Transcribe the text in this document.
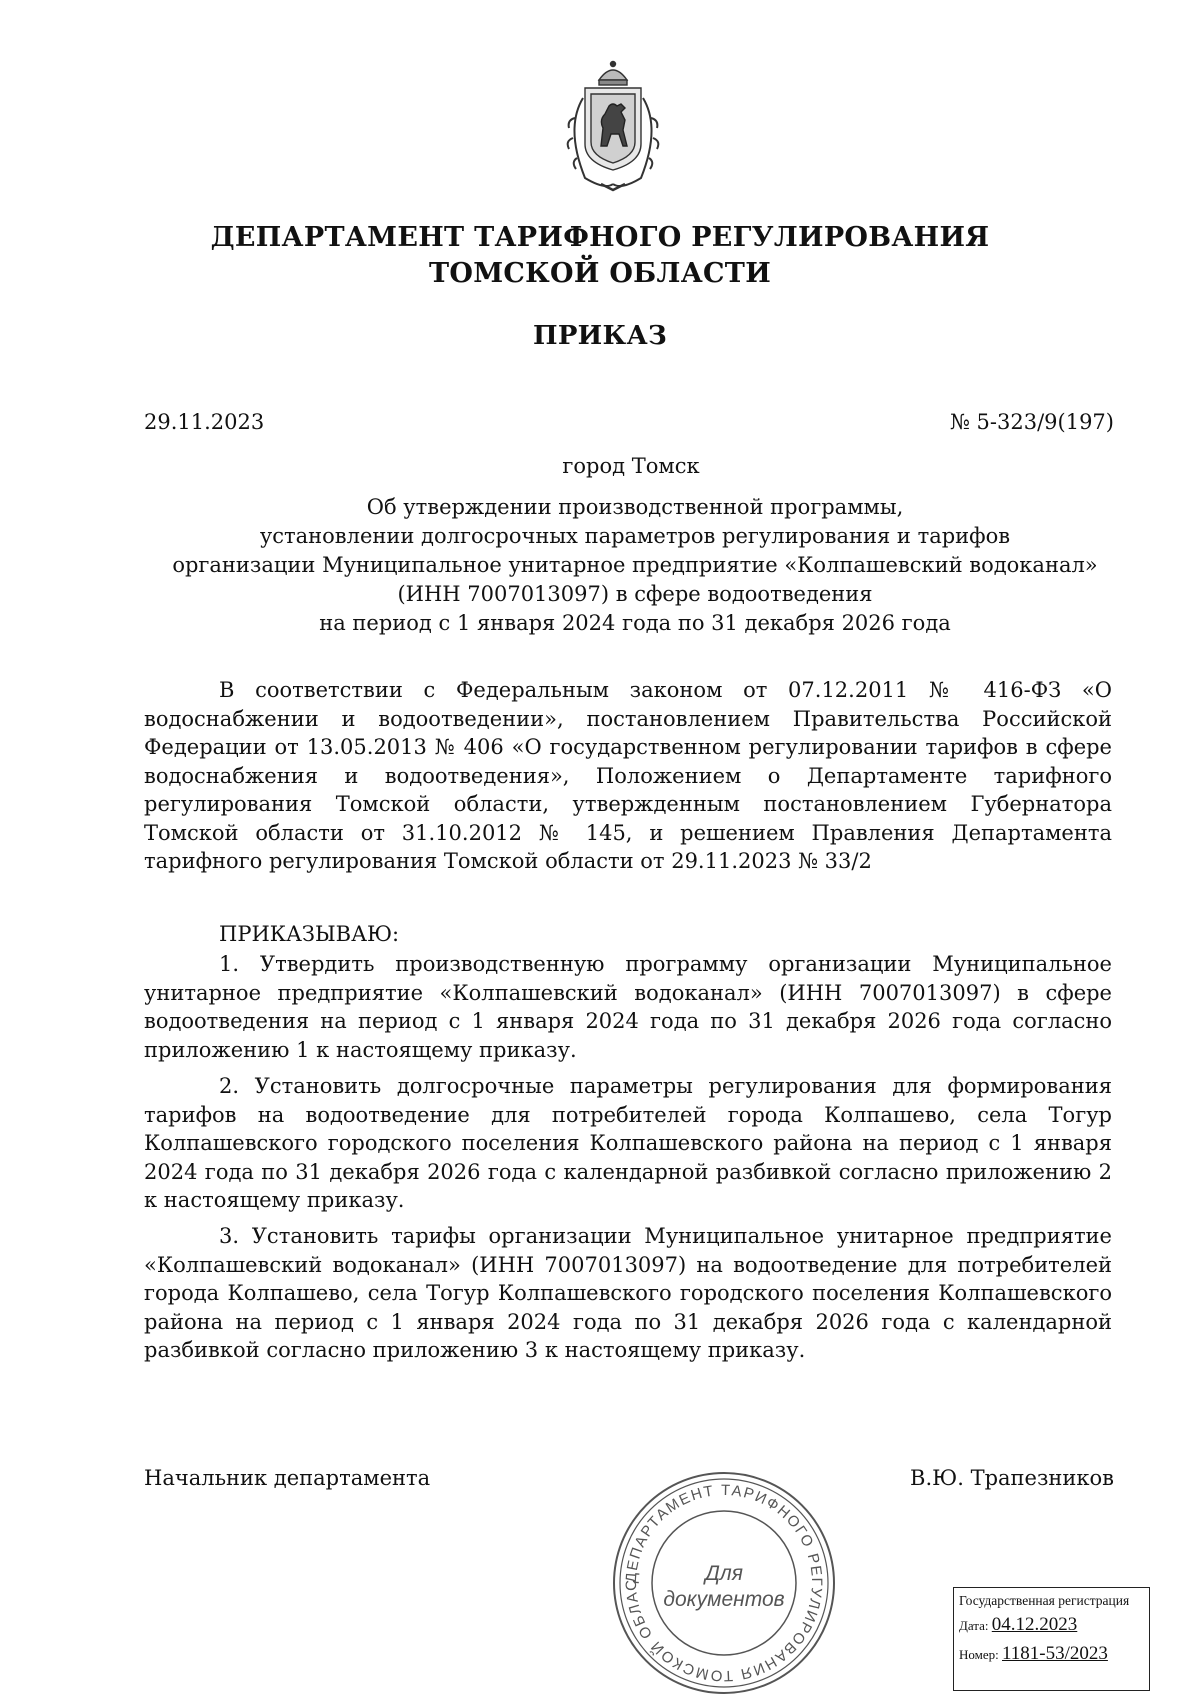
ДЕПАРТАМЕНТ ТАРИФНОГО РЕГУЛИРОВАНИЯ
ТОМСКОЙ ОБЛАСТИ
ПРИКАЗ
29.11.2023	№ 5-323/9(197)
город Томск
Об утверждении производственной программы,
установлении долгосрочных параметров регулирования и тарифов
организации Муниципальное унитарное предприятие «Колпашевский водоканал»
(ИНН 7007013097) в сфере водоотведения
на период с 1 января 2024 года по 31 декабря 2026 года
В соответствии с Федеральным законом от 07.12.2011 № 416-ФЗ «О водоснабжении и водоотведении», постановлением Правительства Российской Федерации от 13.05.2013 № 406 «О государственном регулировании тарифов в сфере водоснабжения и водоотведения», Положением о Департаменте тарифного регулирования Томской области, утвержденным постановлением Губернатора Томской области от 31.10.2012 № 145, и решением Правления Департамента тарифного регулирования Томской области от 29.11.2023 № 33/2
ПРИКАЗЫВАЮ:
1. Утвердить производственную программу организации Муниципальное унитарное предприятие «Колпашевский водоканал» (ИНН 7007013097) в сфере водоотведения на период с 1 января 2024 года по 31 декабря 2026 года согласно приложению 1 к настоящему приказу.
2. Установить долгосрочные параметры регулирования для формирования тарифов на водоотведение для потребителей города Колпашево, села Тогур Колпашевского городского поселения Колпашевского района на период с 1 января 2024 года по 31 декабря 2026 года с календарной разбивкой согласно приложению 2 к настоящему приказу.
3. Установить тарифы организации Муниципальное унитарное предприятие «Колпашевский водоканал» (ИНН 7007013097) на водоотведение для потребителей города Колпашево, села Тогур Колпашевского городского поселения Колпашевского района на период с 1 января 2024 года по 31 декабря 2026 года с календарной разбивкой согласно приложению 3 к настоящему приказу.
Начальник департамента	В.Ю. Трапезников
ДЕПАРТАМЕНТ ТАРИФНОГО РЕГУЛИРОВАНИЯ ТОМСКОЙ ОБЛАС	Для
документов	Государственная регистрация
Дата: 04.12.2023
Номер: 1181-53/2023
